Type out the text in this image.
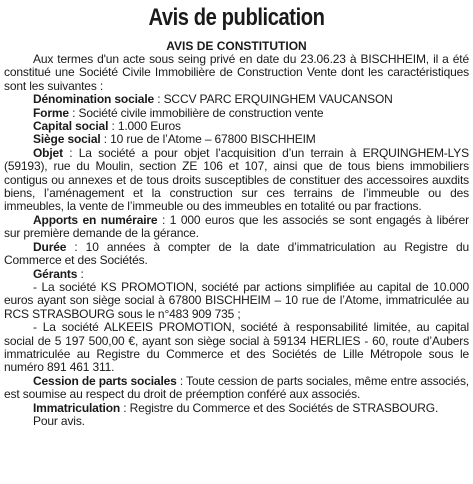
Avis de publication
AVIS DE CONSTITUTION

Aux termes d'un acte sous seing privé en date du 23.06.23 à BISCHHEIM, il a été constitué une Société Civile Immobilière de Construction Vente dont les caractéristiques sont les suivantes :

Dénomination sociale : SCCV PARC ERQUINGHEM VAUCANSON

Forme : Société civile immobilière de construction vente

Capital social : 1.000 Euros

Siège social : 10 rue de l’Atome – 67800 BISCHHEIM

Objet : La société a pour objet l’acquisition d’un terrain à ERQUINGHEM-LYS (59193), rue du Moulin, section ZE 106 et 107, ainsi que de tous biens immobiliers contigus ou annexes et de tous droits susceptibles de constituer des accessoires auxdits biens, l’aménagement et la construction sur ces terrains de l’immeuble ou des immeubles, la vente de l’immeuble ou des immeubles en totalité ou par fractions.

Apports en numéraire : 1 000 euros que les associés se sont engagés à libérer sur première demande de la gérance.

Durée : 10 années à compter de la date d’immatriculation au Registre du Commerce et des Sociétés.

Gérants :

- La société KS PROMOTION, société par actions simplifiée au capital de 10.000 euros ayant son siège social à 67800 BISCHHEIM – 10 rue de l’Atome, immatriculée au RCS STRASBOURG sous le n°483 909 735 ;

- La société ALKEEIS PROMOTION, société à responsabilité limitée, au capital social de 5 197 500,00 €, ayant son siège social à 59134 HERLIES - 60, route d’Aubers immatriculée au Registre du Commerce et des Sociétés de Lille Métropole sous le numéro 891 461 311.

Cession de parts sociales : Toute cession de parts sociales, même entre associés, est soumise au respect du droit de préemption conféré aux associés.

Immatriculation : Registre du Commerce et des Sociétés de STRASBOURG.

Pour avis.
